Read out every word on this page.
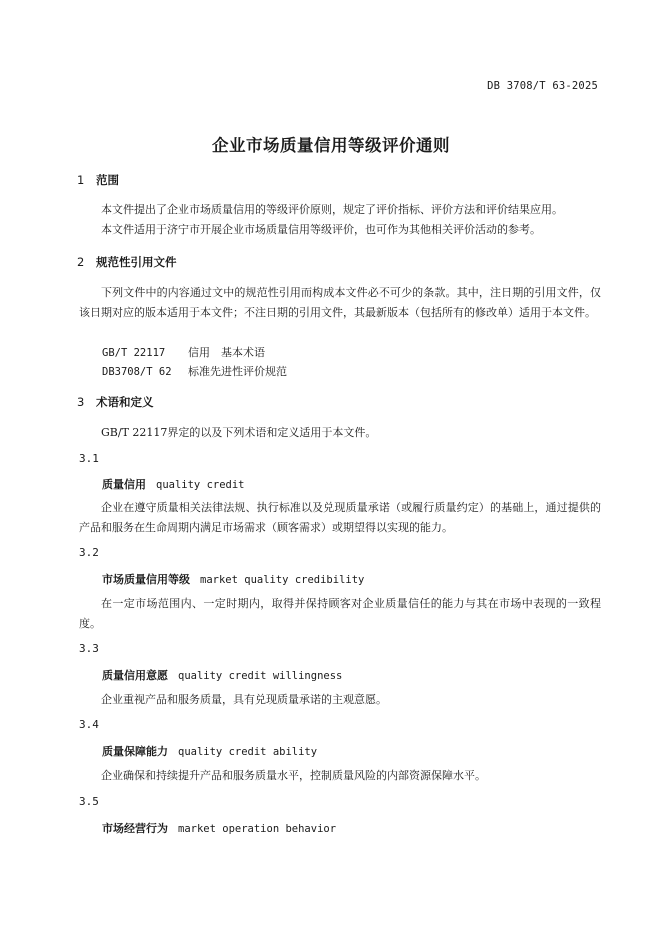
DB 3708/T 63-2025
企业市场质量信用等级评价通则
1 范围
本文件提出了企业市场质量信用的等级评价原则，规定了评价指标、评价方法和评价结果应用。
本文件适用于济宁市开展企业市场质量信用等级评价，也可作为其他相关评价活动的参考。
2 规范性引用文件
下列文件中的内容通过文中的规范性引用而构成本文件必不可少的条款。其中，注日期的引用文件，仅该日期对应的版本适用于本文件；不注日期的引用文件，其最新版本（包括所有的修改单）适用于本文件。
GB/T 22117 信用　基本术语
DB3708/T 62 标准先进性评价规范
3 术语和定义
GB/T 22117界定的以及下列术语和定义适用于本文件。
3.1
质量信用 quality credit
企业在遵守质量相关法律法规、执行标准以及兑现质量承诺（或履行质量约定）的基础上，通过提供的产品和服务在生命周期内满足市场需求（顾客需求）或期望得以实现的能力。
3.2
市场质量信用等级 market quality credibility
在一定市场范围内、一定时期内，取得并保持顾客对企业质量信任的能力与其在市场中表现的一致程度。
3.3
质量信用意愿 quality credit willingness
企业重视产品和服务质量，具有兑现质量承诺的主观意愿。
3.4
质量保障能力 quality credit ability
企业确保和持续提升产品和服务质量水平，控制质量风险的内部资源保障水平。
3.5
市场经营行为 market operation behavior
